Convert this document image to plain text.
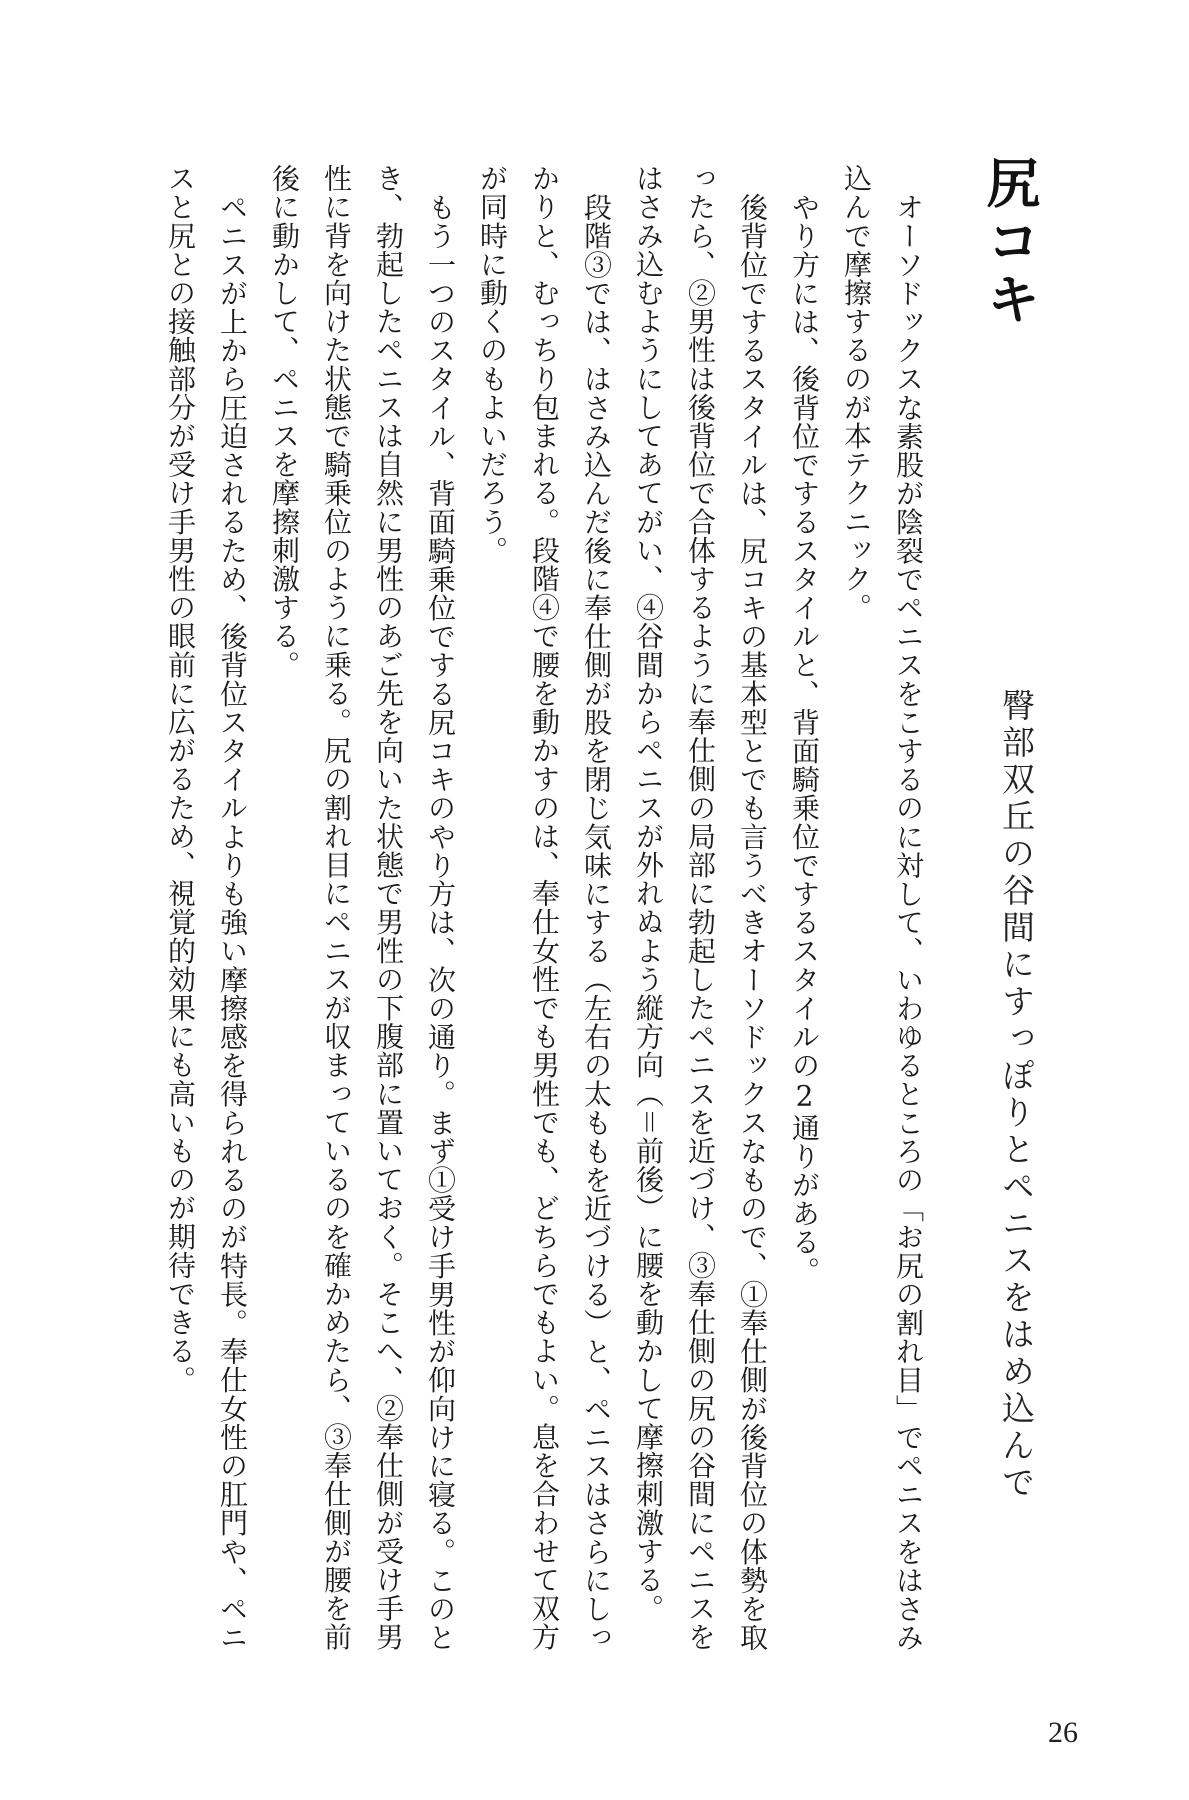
尻コキ
臀部双丘の谷間にすっぽりとペニスをはめ込んで
オーソドックスな素股が陰裂でペニスをこするのに対して、いわゆるところの「お尻の割れ目」でペニスをはさみ
込んで摩擦するのが本テクニック。
やり方には、後背位でするスタイルと、背面騎乗位でするスタイルの2通りがある。
後背位でするスタイルは、尻コキの基本型とでも言うべきオーソドックスなもので、①奉仕側が後背位の体勢を取
ったら、②男性は後背位で合体するように奉仕側の局部に勃起したペニスを近づけ、③奉仕側の尻の谷間にペニスを
はさみ込むようにしてあてがい、④谷間からペニスが外れぬよう縦方向（＝前後）に腰を動かして摩擦刺激する。
段階③では、はさみ込んだ後に奉仕側が股を閉じ気味にする（左右の太ももを近づける）と、ペニスはさらにしっ
かりと、むっちり包まれる。段階④で腰を動かすのは、奉仕女性でも男性でも、どちらでもよい。息を合わせて双方
が同時に動くのもよいだろう。
もう一つのスタイル、背面騎乗位でする尻コキのやり方は、次の通り。まず①受け手男性が仰向けに寝る。このと
き、勃起したペニスは自然に男性のあご先を向いた状態で男性の下腹部に置いておく。そこへ、②奉仕側が受け手男
性に背を向けた状態で騎乗位のように乗る。尻の割れ目にペニスが収まっているのを確かめたら、③奉仕側が腰を前
後に動かして、ペニスを摩擦刺激する。
ペニスが上から圧迫されるため、後背位スタイルよりも強い摩擦感を得られるのが特長。奉仕女性の肛門や、ペニ
スと尻との接触部分が受け手男性の眼前に広がるため、視覚的効果にも高いものが期待できる。
26
